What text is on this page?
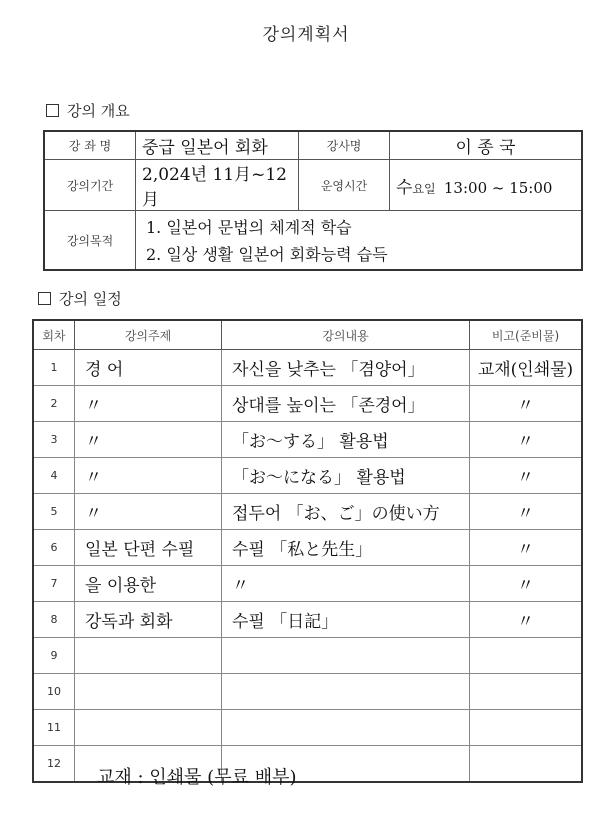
강의계획서
강의 개요
강 좌 명	중급 일본어 회화	강사명	이 종 국
강의기간	2,024년 11月~12月	운영시간	수요일 13:00 ~ 15:00
강의목적	1. 일본어 문법의 체계적 학습
2. 일상 생활 일본어 회화능력 습득		
강의 일정
회차	강의주제	강의내용	비고(준비물)
1	경 어	자신을 낮추는 「겸양어」	교재(인쇄물)
2	〃	상대를 높이는 「존경어」	〃
3	〃	「お～する」 활용법	〃
4	〃	「お～になる」 활용법	〃
5	〃	접두어 「お、ご」の使い方	〃
6	일본 단편 수필	수필 「私と先生」	〃
7	을 이용한	〃	〃
8	강독과 회화	수필 「日記」	〃
9			
10			
11			
12			
교재 : 인쇄물 (무료 배부)
